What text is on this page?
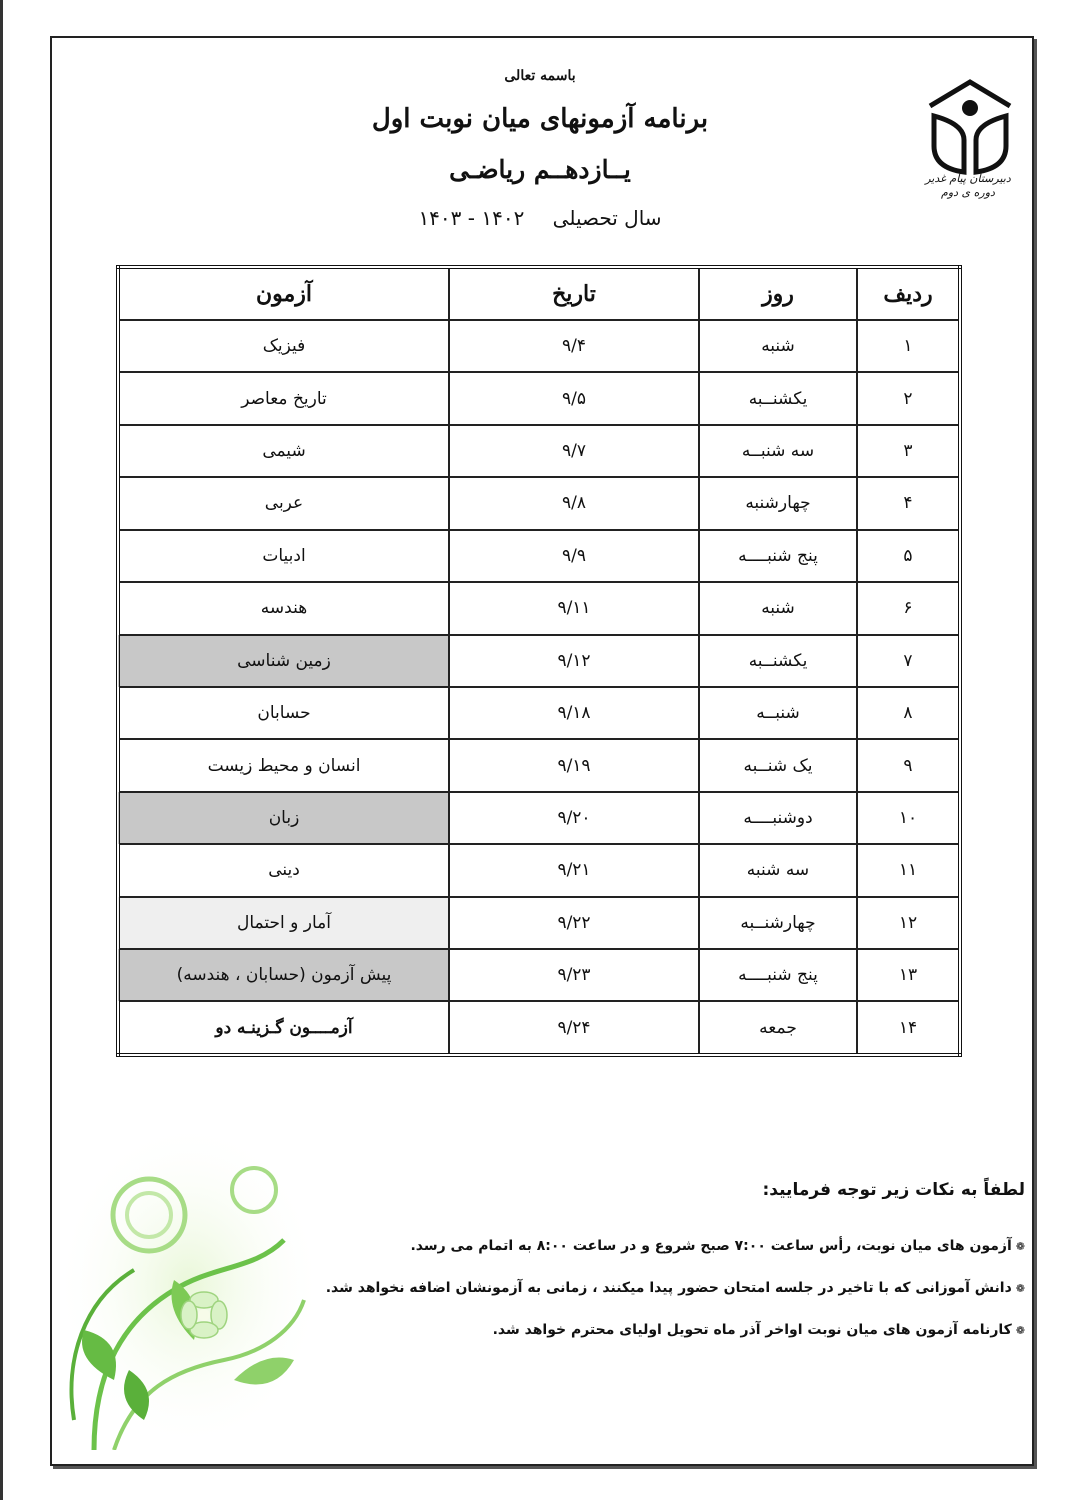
باسمه تعالی
برنامه آزمونهای میان نوبت اول
یــازدهــم ریاضـی
سال تحصیلی ۱۴۰۲ - ۱۴۰۳
دبیرستان پیام غدیر
دوره ی دوم
ردیف	روز	تاریخ	آزمون
۱	شنبه	۹/۴	فیزیک
۲	یکشنــبه	۹/۵	تاریخ معاصر
۳	سه شنبــه	۹/۷	شیمی
۴	چهارشنبه	۹/۸	عربی
۵	پنج شنبــــه	۹/۹	ادبیات
۶	شنبه	۹/۱۱	هندسه
۷	یکشنــبه	۹/۱۲	زمین شناسی
۸	شنبــه	۹/۱۸	حسابان
۹	یک شنــبه	۹/۱۹	انسان و محیط زیست
۱۰	دوشنبــــه	۹/۲۰	زبان
۱۱	سه شنبه	۹/۲۱	دینی
۱۲	چهارشنــبه	۹/۲۲	آمار و احتمال
۱۳	پنج شنبــــه	۹/۲۳	پیش آزمون (حسابان ، هندسه)
۱۴	جمعه	۹/۲۴	آزمــــون گـزینـه دو
لطفاً به نکات زیر توجه فرمایید:
❁آزمون های میان نوبت، رأس ساعت ۷:۰۰ صبح شروع و در ساعت ۸:۰۰ به اتمام می رسد.
❁دانش آموزانی که با تاخیر در جلسه امتحان حضور پیدا میکنند ، زمانی به آزمونشان اضافه نخواهد شد.
❁کارنامه آزمون های میان نوبت اواخر آذر ماه تحویل اولیای محترم خواهد شد.
